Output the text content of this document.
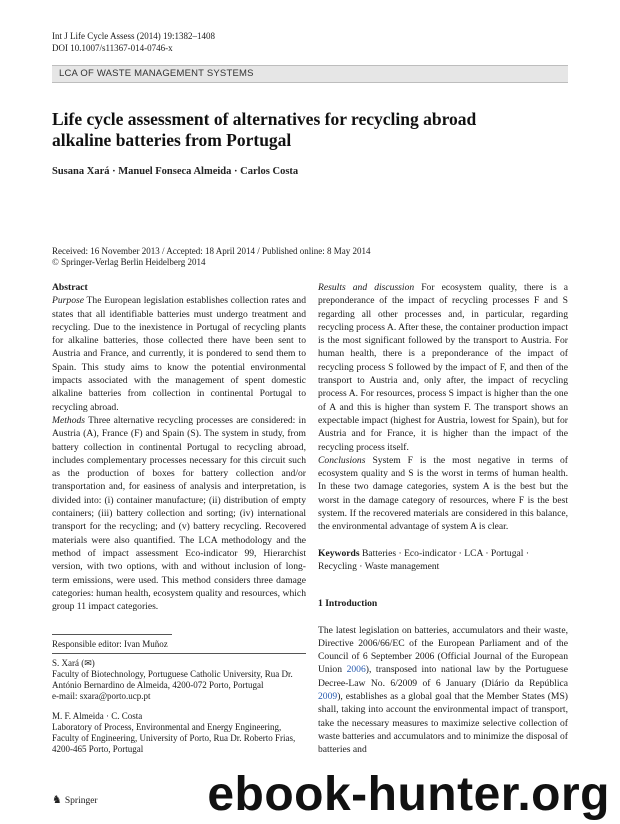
Int J Life Cycle Assess (2014) 19:1382–1408
DOI 10.1007/s11367-014-0746-x
LCA OF WASTE MANAGEMENT SYSTEMS
Life cycle assessment of alternatives for recycling abroad alkaline batteries from Portugal
Susana Xará · Manuel Fonseca Almeida · Carlos Costa
Received: 16 November 2013 / Accepted: 18 April 2014 / Published online: 8 May 2014
© Springer-Verlag Berlin Heidelberg 2014
Abstract

Purpose The European legislation establishes collection rates and states that all identifiable batteries must undergo treatment and recycling. Due to the inexistence in Portugal of recycling plants for alkaline batteries, those collected there have been sent to Austria and France, and currently, it is pondered to send them to Spain. This study aims to know the potential environmental impacts associated with the management of spent domestic alkaline batteries from collection in continental Portugal to recycling abroad.

Methods Three alternative recycling processes are considered: in Austria (A), France (F) and Spain (S). The system in study, from battery collection in continental Portugal to recycling abroad, includes complementary processes necessary for this circuit such as the production of boxes for battery collection and/or transportation and, for easiness of analysis and interpretation, is divided into: (i) container manufacture; (ii) distribution of empty containers; (iii) battery collection and sorting; (iv) international transport for the recycling; and (v) battery recycling. Recovered materials were also quantified. The LCA methodology and the method of impact assessment Eco-indicator 99, Hierarchist version, with two options, with and without inclusion of long-term emissions, were used. This method considers three damage categories: human health, ecosystem quality and resources, which group 11 impact categories.

Responsible editor: Ivan Muñoz
S. Xará (✉)
Faculty of Biotechnology, Portuguese Catholic University, Rua Dr.
António Bernardino de Almeida, 4200-072 Porto, Portugal
e-mail: sxara@porto.ucp.pt
M. F. Almeida · C. Costa
Laboratory of Process, Environmental and Energy Engineering,
Faculty of Engineering, University of Porto, Rua Dr. Roberto Frias,
4200-465 Porto, Portugal

Results and discussion For ecosystem quality, there is a preponderance of the impact of recycling processes F and S regarding all other processes and, in particular, regarding recycling process A. After these, the container production impact is the most significant followed by the transport to Austria. For human health, there is a preponderance of the impact of recycling process S followed by the impact of F, and then of the transport to Austria and, only after, the impact of recycling process A. For resources, process S impact is higher than the one of A and this is higher than system F. The transport shows an expectable impact (highest for Austria, lowest for Spain), but for Austria and for France, it is higher than the impact of the recycling process itself.

Conclusions System F is the most negative in terms of ecosystem quality and S is the worst in terms of human health. In these two damage categories, system A is the best but the worst in the damage category of resources, where F is the best system. If the recovered materials are considered in this balance, the environmental advantage of system A is clear.

Keywords Batteries · Eco-indicator · LCA · Portugal · Recycling · Waste management

1 Introduction

The latest legislation on batteries, accumulators and their waste, Directive 2006/66/EC of the European Parliament and of the Council of 6 September 2006 (Official Journal of the European Union 2006), transposed into national law by the Portuguese Decree-Law No. 6/2009 of 6 January (Diário da República 2009), establishes as a global goal that the Member States (MS) shall, taking into account the environmental impact of transport, take the necessary measures to maximize selective collection of waste batteries and accumulators and to minimize the disposal of batteries and

♞ Springer	ebook-hunter.org
